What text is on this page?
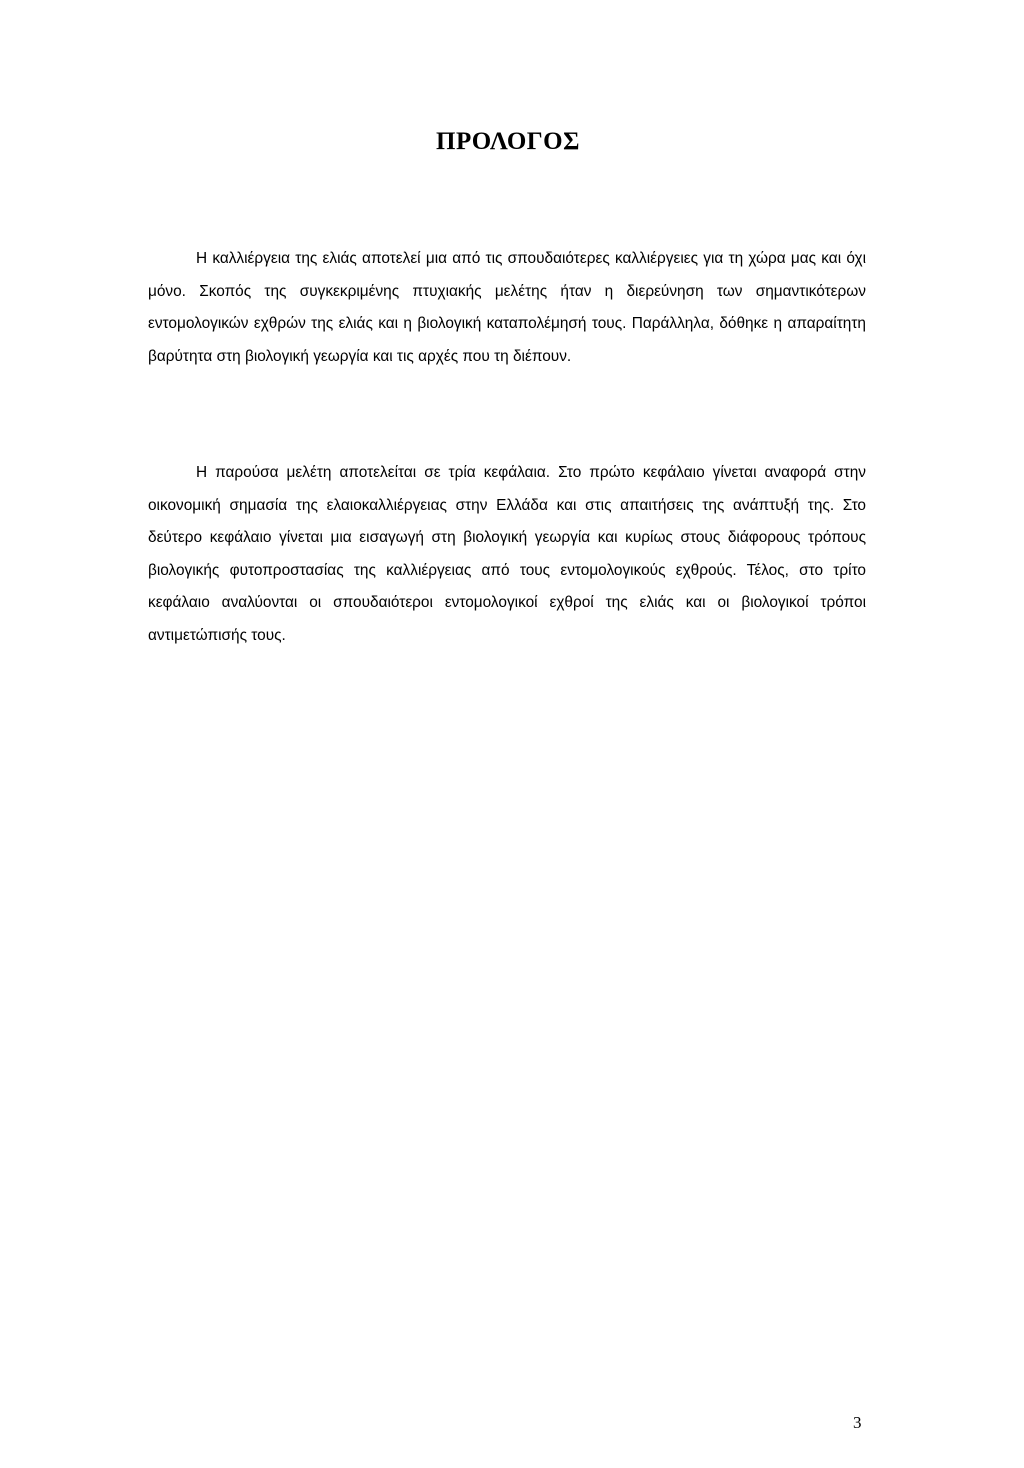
ΠΡΟΛΟΓΟΣ

Η καλλιέργεια της ελιάς αποτελεί μια από τις σπουδαιότερες καλλιέργειες για τη χώρα μας και όχι μόνο. Σκοπός της συγκεκριμένης πτυχιακής μελέτης ήταν η διερεύνηση των σημαντικότερων εντομολογικών εχθρών της ελιάς και η βιολογική καταπολέμησή τους. Παράλληλα, δόθηκε η απαραίτητη βαρύτητα στη βιολογική γεωργία και τις αρχές που τη διέπουν.

Η παρούσα μελέτη αποτελείται σε τρία κεφάλαια. Στο πρώτο κεφάλαιο γίνεται αναφορά στην οικονομική σημασία της ελαιοκαλλιέργειας στην Ελλάδα και στις απαιτήσεις της ανάπτυξή της. Στο δεύτερο κεφάλαιο γίνεται μια εισαγωγή στη βιολογική γεωργία και κυρίως στους διάφορους τρόπους βιολογικής φυτοπροστασίας της καλλιέργειας από τους εντομολογικούς εχθρούς. Τέλος, στο τρίτο κεφάλαιο αναλύονται οι σπουδαιότεροι εντομολογικοί εχθροί της ελιάς και οι βιολογικοί τρόποι αντιμετώπισής τους.

3
